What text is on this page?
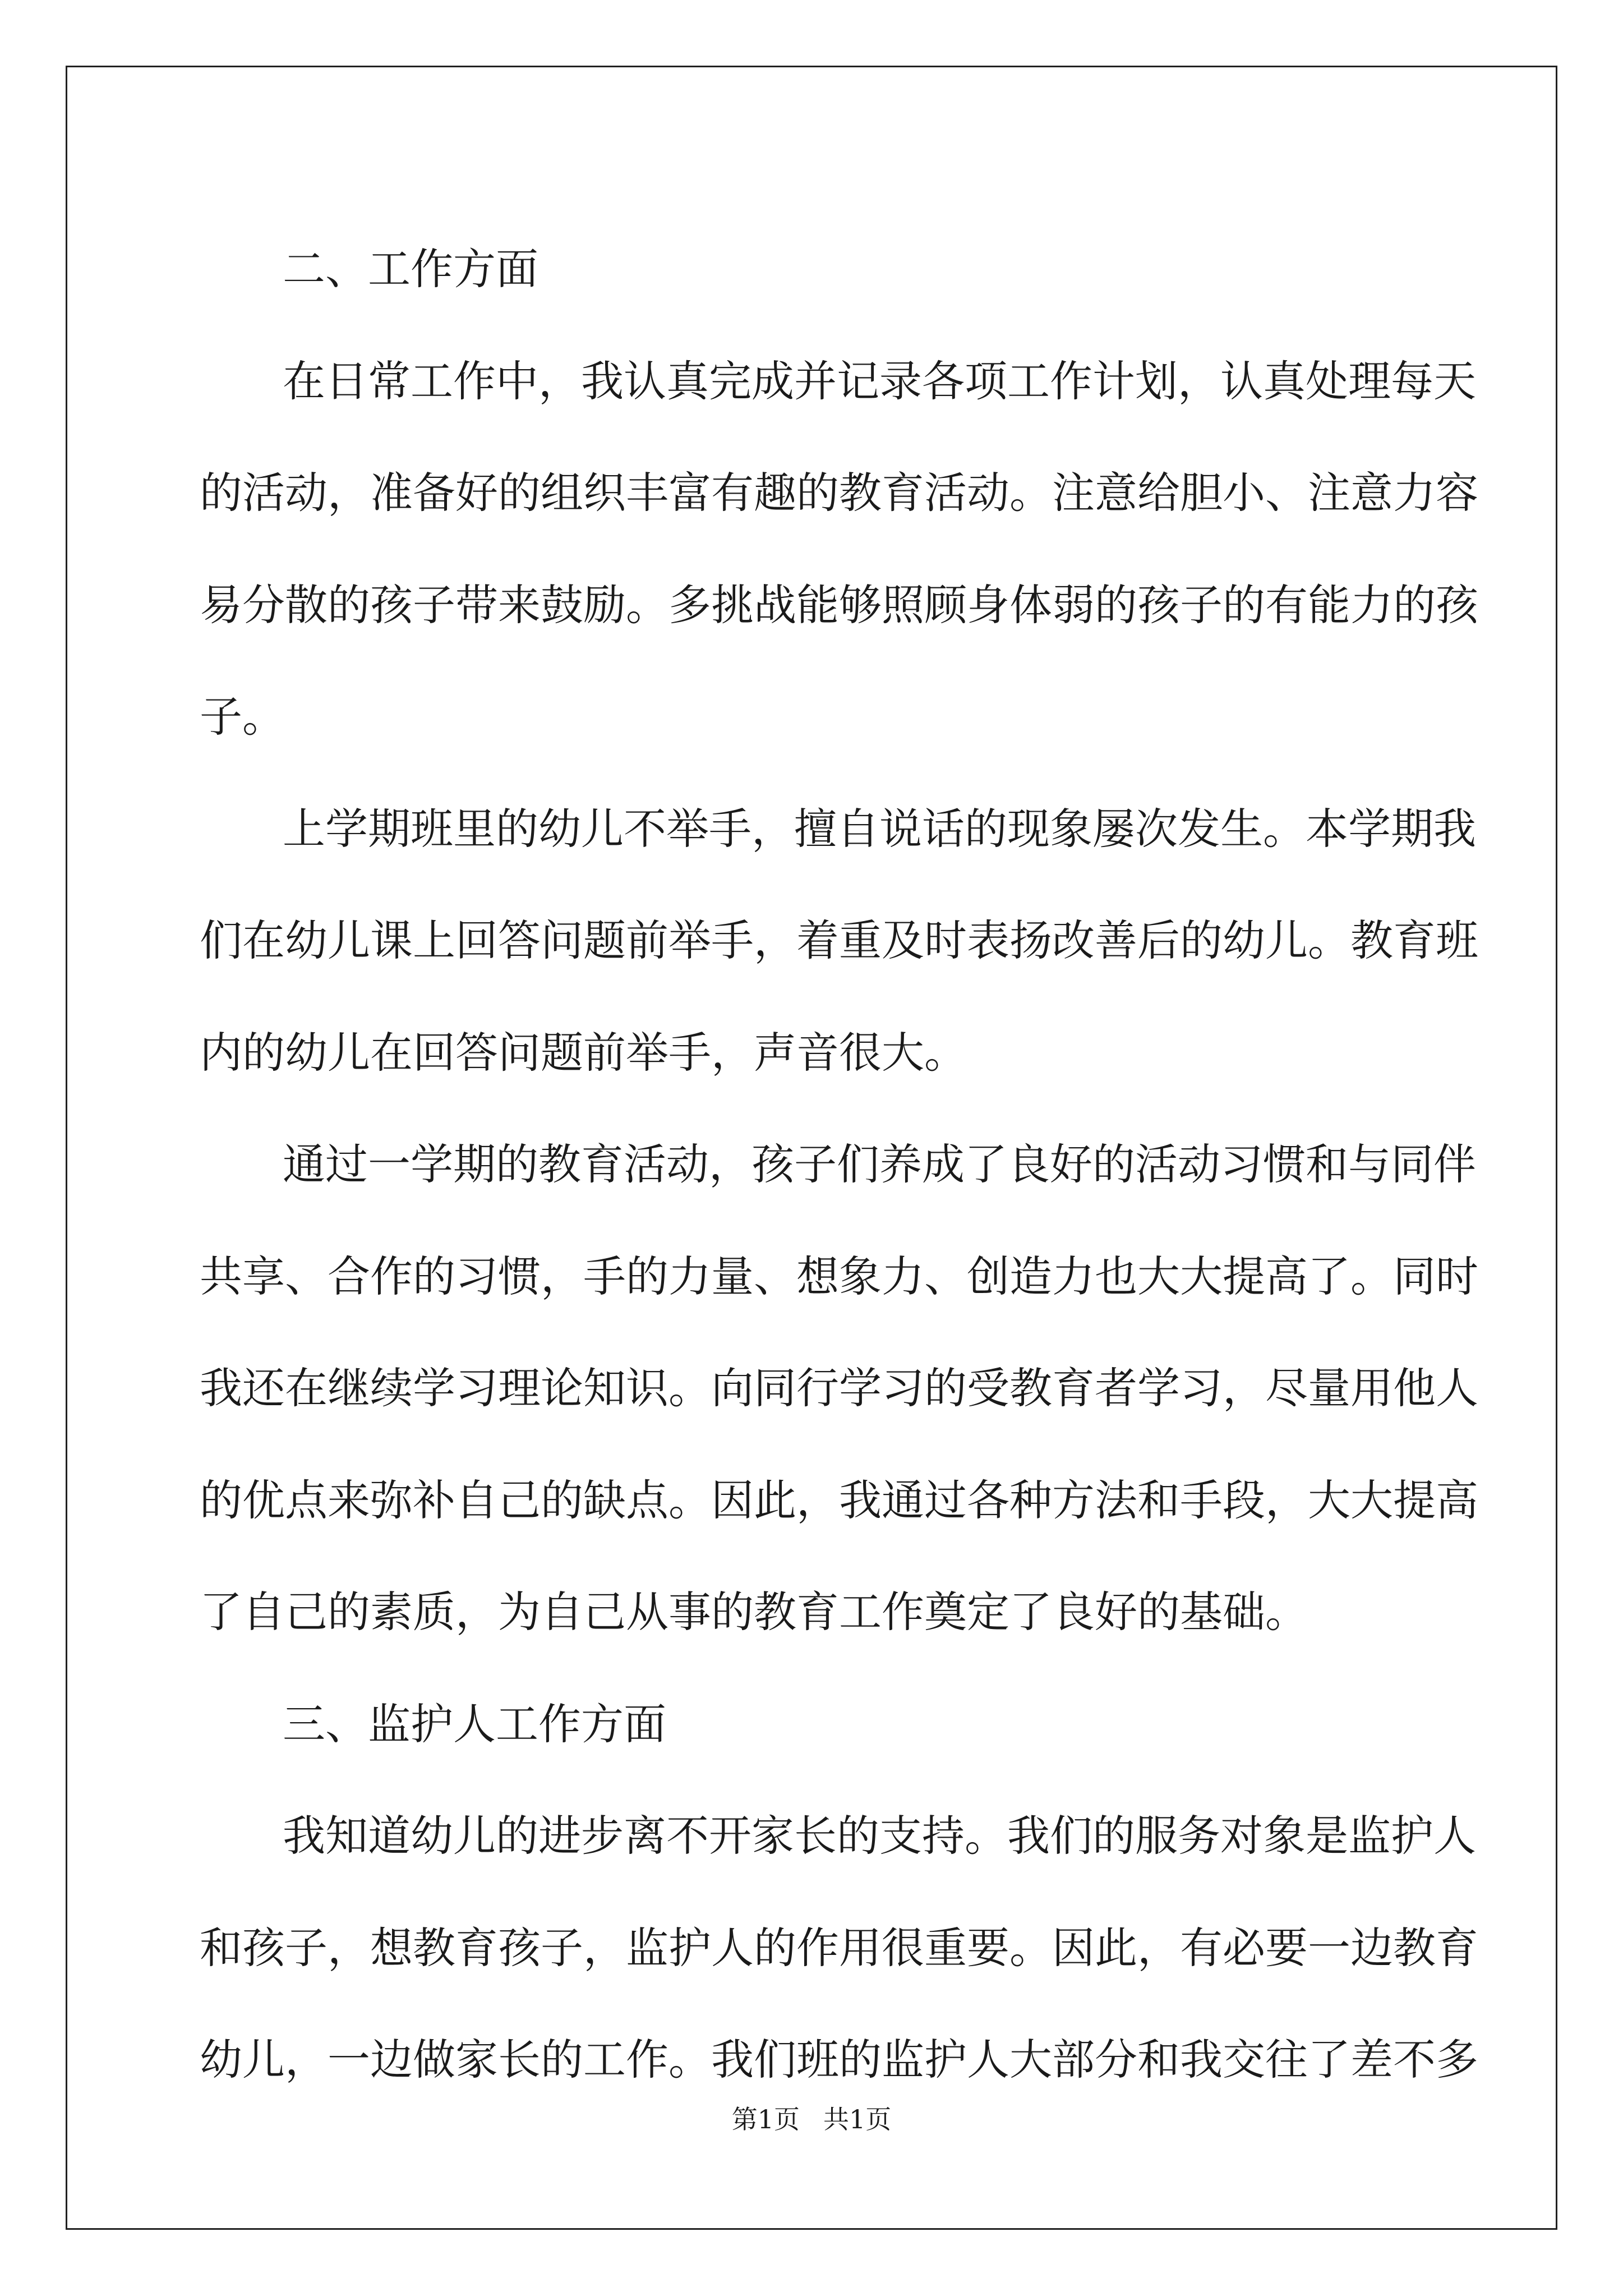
二、工作方面
在日常工作中，我认真完成并记录各项工作计划，认真处理每天
的活动，准备好的组织丰富有趣的教育活动。注意给胆小、注意力容
易分散的孩子带来鼓励。多挑战能够照顾身体弱的孩子的有能力的孩
子。
上学期班里的幼儿不举手，擅自说话的现象屡次发生。本学期我
们在幼儿课上回答问题前举手，着重及时表扬改善后的幼儿。教育班
内的幼儿在回答问题前举手，声音很大。
通过一学期的教育活动，孩子们养成了良好的活动习惯和与同伴
共享、合作的习惯，手的力量、想象力、创造力也大大提高了。同时
我还在继续学习理论知识。向同行学习的受教育者学习，尽量用他人
的优点来弥补自己的缺点。因此，我通过各种方法和手段，大大提高
了自己的素质，为自己从事的教育工作奠定了良好的基础。
三、监护人工作方面
我知道幼儿的进步离不开家长的支持。我们的服务对象是监护人
和孩子，想教育孩子，监护人的作用很重要。因此，有必要一边教育
幼儿，一边做家长的工作。我们班的监护人大部分和我交往了差不多
第1页 共1页
